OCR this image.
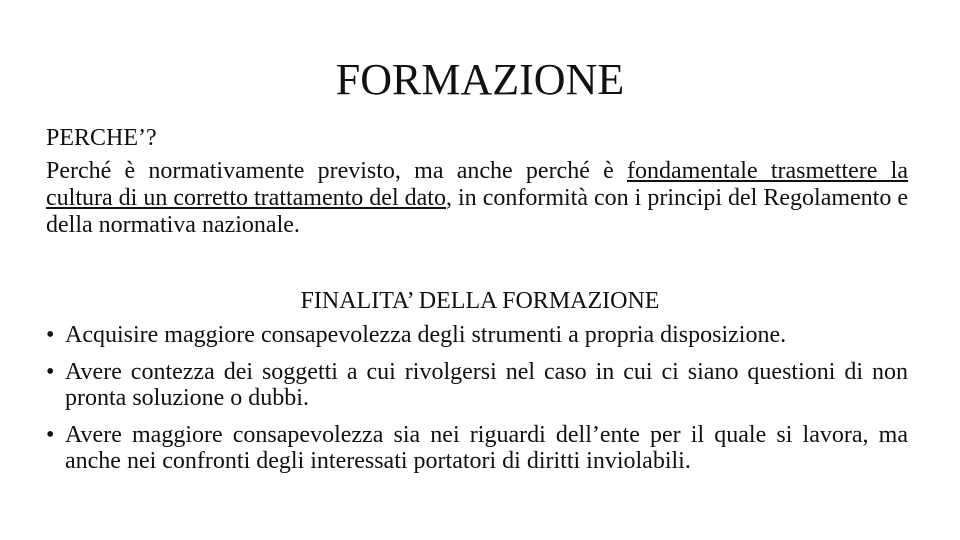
FORMAZIONE
PERCHE’?
Perché è normativamente previsto, ma anche perché è fondamentale trasmettere la cultura di un corretto trattamento del dato, in conformità con i principi del Regolamento e della normativa nazionale.
FINALITA’ DELLA FORMAZIONE
• Acquisire maggiore consapevolezza degli strumenti a propria disposizione.
• Avere contezza dei soggetti a cui rivolgersi nel caso in cui ci siano questioni di non pronta soluzione o dubbi.
• Avere maggiore consapevolezza sia nei riguardi dell’ente per il quale si lavora, ma anche nei confronti degli interessati portatori di diritti inviolabili.
